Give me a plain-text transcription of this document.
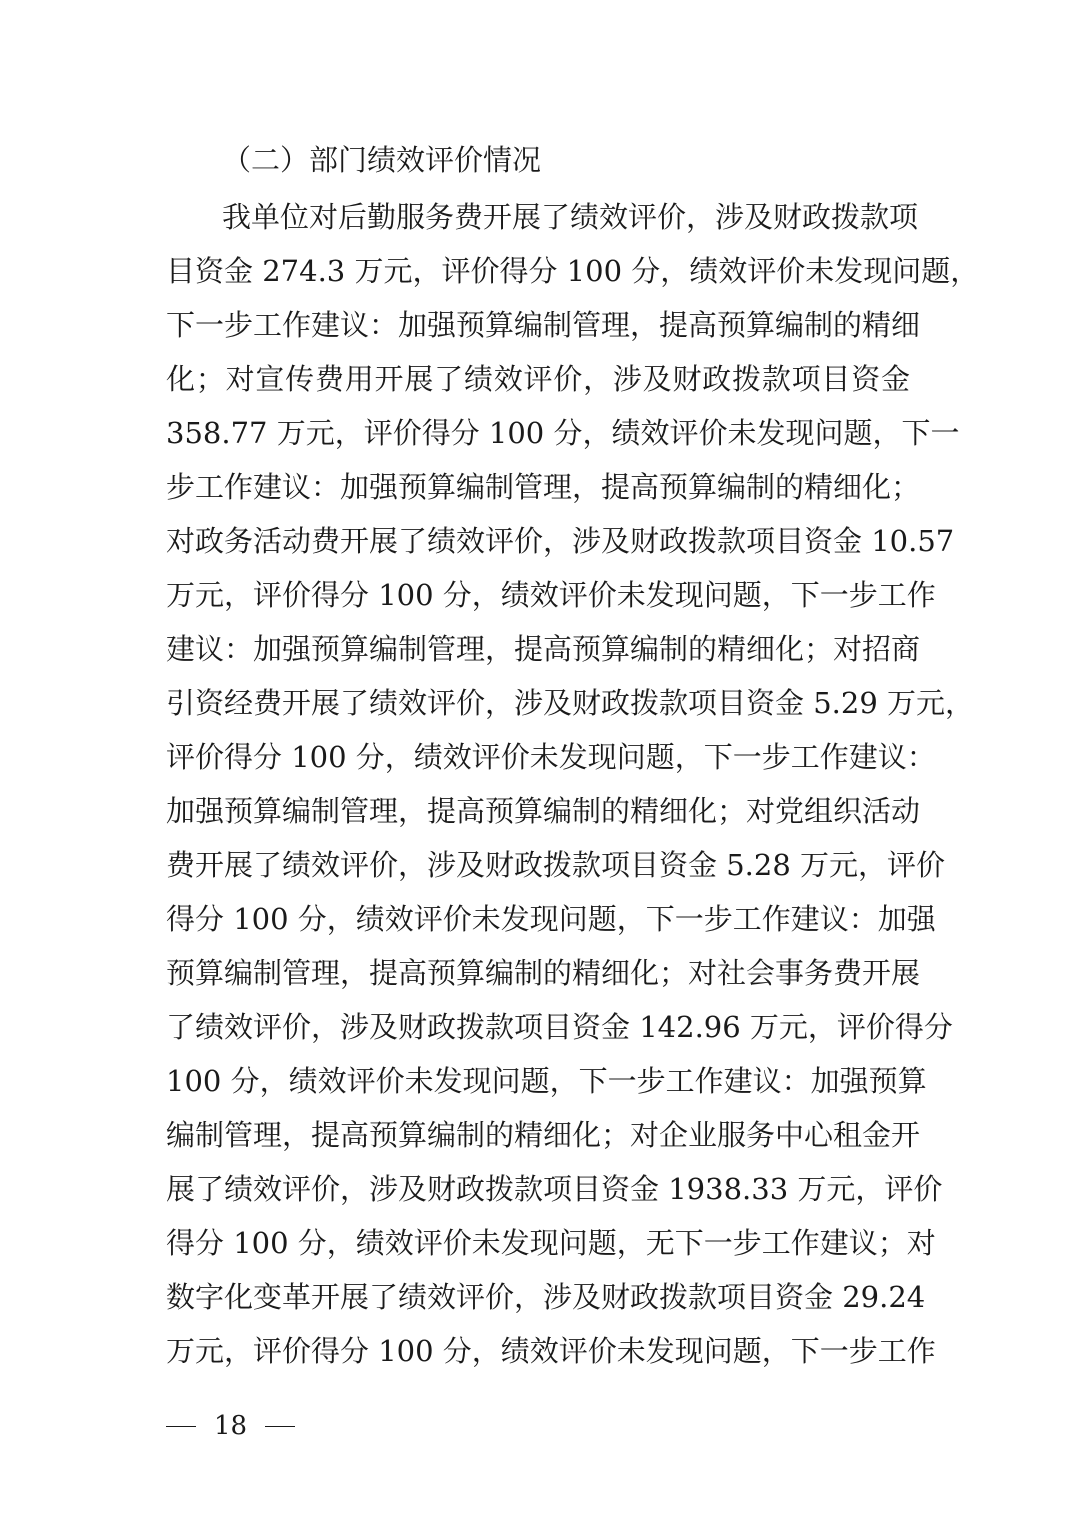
（二）部门绩效评价情况
我单位对后勤服务费开展了绩效评价，涉及财政拨款项
目资金 274.3 万元，评价得分 100 分，绩效评价未发现问题，
下一步工作建议：加强预算编制管理，提高预算编制的精细
化；对宣传费用开展了绩效评价，涉及财政拨款项目资金
358.77 万元，评价得分 100 分，绩效评价未发现问题，下一
步工作建议：加强预算编制管理，提高预算编制的精细化；
对政务活动费开展了绩效评价，涉及财政拨款项目资金 10.57
万元，评价得分 100 分，绩效评价未发现问题，下一步工作
建议：加强预算编制管理，提高预算编制的精细化；对招商
引资经费开展了绩效评价，涉及财政拨款项目资金 5.29 万元，
评价得分 100 分，绩效评价未发现问题，下一步工作建议：
加强预算编制管理，提高预算编制的精细化；对党组织活动
费开展了绩效评价，涉及财政拨款项目资金 5.28 万元，评价
得分 100 分，绩效评价未发现问题，下一步工作建议：加强
预算编制管理，提高预算编制的精细化；对社会事务费开展
了绩效评价，涉及财政拨款项目资金 142.96 万元，评价得分
100 分，绩效评价未发现问题，下一步工作建议：加强预算
编制管理，提高预算编制的精细化；对企业服务中心租金开
展了绩效评价，涉及财政拨款项目资金 1938.33 万元，评价
得分 100 分，绩效评价未发现问题，无下一步工作建议；对
数字化变革开展了绩效评价，涉及财政拨款项目资金 29.24
万元，评价得分 100 分，绩效评价未发现问题，下一步工作
18
